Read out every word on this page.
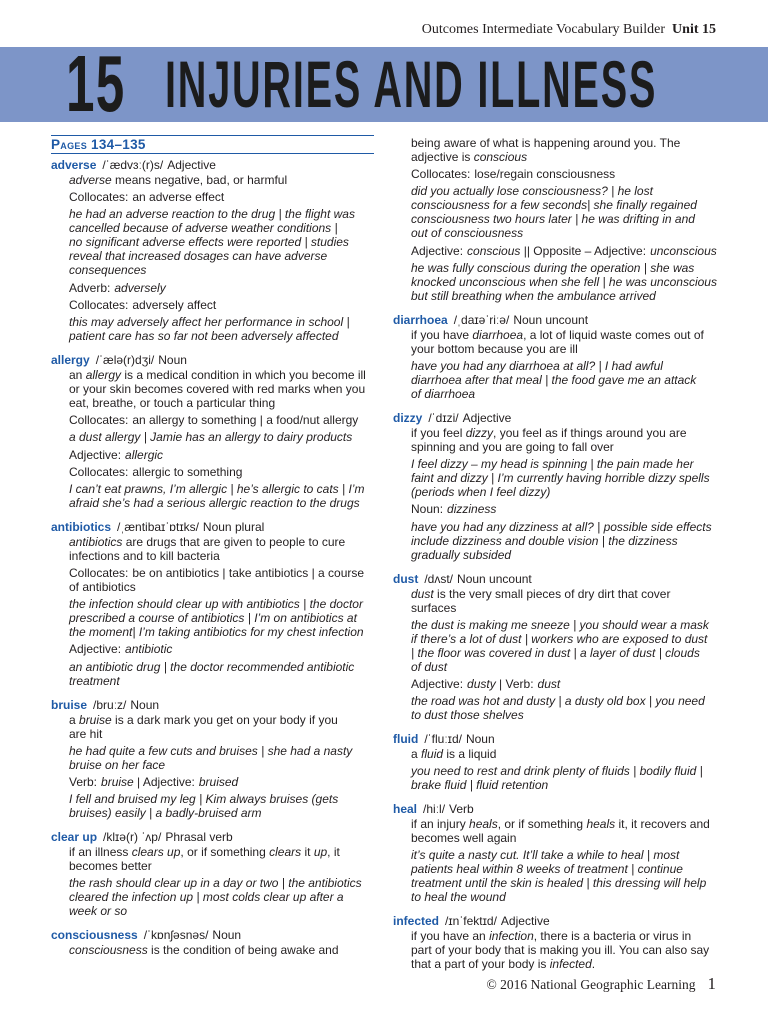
Outcomes Intermediate Vocabulary Builder Unit 15
15 INJURIES AND ILLNESS
Pages 134–135
adverse /ˈædvɜː(r)s/ Adjective
adverse means negative, bad, or harmful
Collocates: an adverse effect
he had an adverse reaction to the drug | the flight was
cancelled because of adverse weather conditions |
no significant adverse effects were reported | studies
reveal that increased dosages can have adverse
consequences
Adverb: adversely
Collocates: adversely affect
this may adversely affect her performance in school |
patient care has so far not been adversely affected
allergy /ˈælə(r)dʒi/ Noun
an allergy is a medical condition in which you become ill
or your skin becomes covered with red marks when you
eat, breathe, or touch a particular thing
Collocates: an allergy to something | a food/nut allergy
a dust allergy | Jamie has an allergy to dairy products
Adjective: allergic
Collocates: allergic to something
I can’t eat prawns, I’m allergic | he’s allergic to cats | I’m
afraid she’s had a serious allergic reaction to the drugs
antibiotics /ˌæntibaɪˈɒtɪks/ Noun plural
antibiotics are drugs that are given to people to cure
infections and to kill bacteria
Collocates: be on antibiotics | take antibiotics | a course
of antibiotics
the infection should clear up with antibiotics | the doctor
prescribed a course of antibiotics | I’m on antibiotics at
the moment| I’m taking antibiotics for my chest infection
Adjective: antibiotic
an antibiotic drug | the doctor recommended antibiotic
treatment
bruise /bruːz/ Noun
a bruise is a dark mark you get on your body if you
are hit
he had quite a few cuts and bruises | she had a nasty
bruise on her face
Verb: bruise | Adjective: bruised
I fell and bruised my leg | Kim always bruises (gets
bruises) easily | a badly-bruised arm
clear up /klɪə(r) ˈʌp/ Phrasal verb
if an illness clears up, or if something clears it up, it
becomes better
the rash should clear up in a day or two | the antibiotics
cleared the infection up | most colds clear up after a
week or so
consciousness /ˈkɒnʃəsnəs/ Noun
consciousness is the condition of being awake and
being aware of what is happening around you. The
adjective is conscious
Collocates: lose/regain consciousness
did you actually lose consciousness? | he lost
consciousness for a few seconds| she finally regained
consciousness two hours later | he was drifting in and
out of consciousness
Adjective: conscious || Opposite – Adjective: unconscious
he was fully conscious during the operation | she was
knocked unconscious when she fell | he was unconscious
but still breathing when the ambulance arrived
diarrhoea /ˌdaɪəˈriːə/ Noun uncount
if you have diarrhoea, a lot of liquid waste comes out of
your bottom because you are ill
have you had any diarrhoea at all? | I had awful
diarrhoea after that meal | the food gave me an attack
of diarrhoea
dizzy /ˈdɪzi/ Adjective
if you feel dizzy, you feel as if things around you are
spinning and you are going to fall over
I feel dizzy – my head is spinning | the pain made her
faint and dizzy | I’m currently having horrible dizzy spells
(periods when I feel dizzy)
Noun: dizziness
have you had any dizziness at all? | possible side effects
include dizziness and double vision | the dizziness
gradually subsided
dust /dʌst/ Noun uncount
dust is the very small pieces of dry dirt that cover
surfaces
the dust is making me sneeze | you should wear a mask
if there’s a lot of dust | workers who are exposed to dust
| the floor was covered in dust | a layer of dust | clouds
of dust
Adjective: dusty | Verb: dust
the road was hot and dusty | a dusty old box | you need
to dust those shelves
fluid /ˈfluːɪd/ Noun
a fluid is a liquid
you need to rest and drink plenty of fluids | bodily fluid |
brake fluid | fluid retention
heal /hiːl/ Verb
if an injury heals, or if something heals it, it recovers and
becomes well again
it’s quite a nasty cut. It’ll take a while to heal | most
patients heal within 8 weeks of treatment | continue
treatment until the skin is healed | this dressing will help
to heal the wound
infected /ɪnˈfektɪd/ Adjective
if you have an infection, there is a bacteria or virus in
part of your body that is making you ill. You can also say
that a part of your body is infected.
© 2016 National Geographic Learning 1
